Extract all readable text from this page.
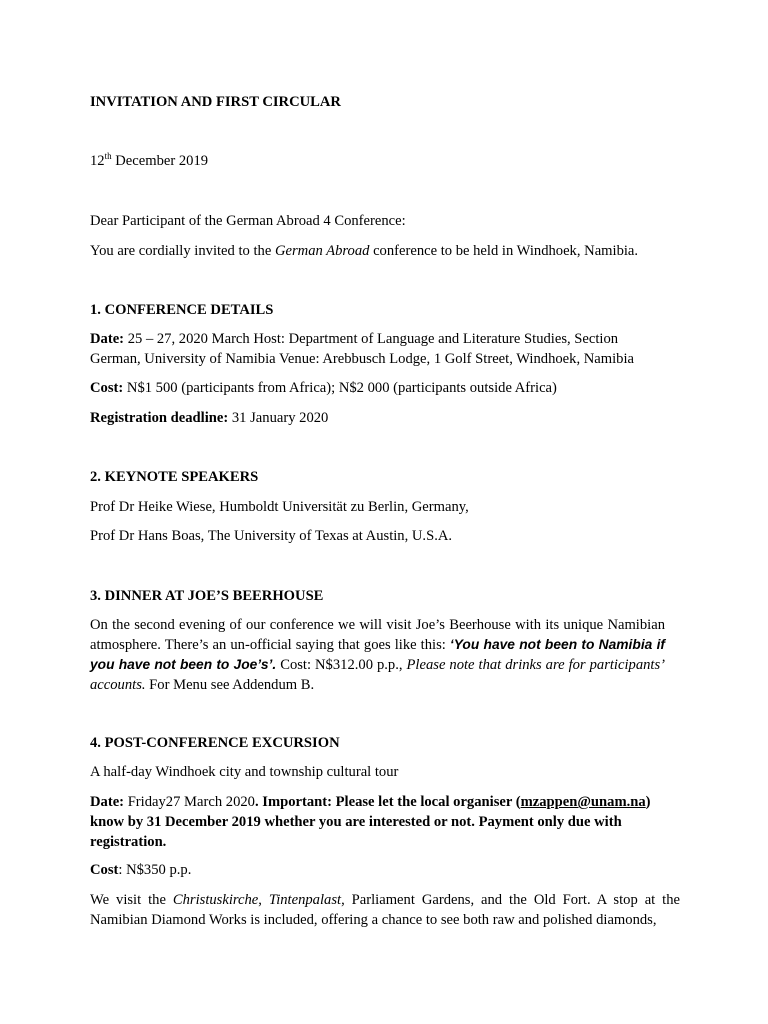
INVITATION AND FIRST CIRCULAR

12th December 2019

Dear Participant of the German Abroad 4 Conference:

You are cordially invited to the German Abroad conference to be held in Windhoek, Namibia.

1. CONFERENCE DETAILS

Date: 25 – 27, 2020 March Host: Department of Language and Literature Studies, Section German, University of Namibia Venue: Arebbusch Lodge, 1 Golf Street, Windhoek, Namibia

Cost: N$1 500 (participants from Africa); N$2 000 (participants outside Africa)

Registration deadline: 31 January 2020

2. KEYNOTE SPEAKERS

Prof Dr Heike Wiese, Humboldt Universität zu Berlin, Germany,

Prof Dr Hans Boas, The University of Texas at Austin, U.S.A.

3. DINNER AT JOE’S BEERHOUSE

On the second evening of our conference we will visit Joe’s Beerhouse with its unique Namibian atmosphere. There’s an un-official saying that goes like this: ‘You have not been to Namibia if you have not been to Joe’s’. Cost: N$312.00 p.p., Please note that drinks are for participants’ accounts. For Menu see Addendum B.

4. POST-CONFERENCE EXCURSION

A half-day Windhoek city and township cultural tour

Date: Friday27 March 2020. Important: Please let the local organiser (mzappen@unam.na) know by 31 December 2019 whether you are interested or not. Payment only due with registration.

Cost: N$350 p.p.

We visit the Christuskirche, Tintenpalast, Parliament Gardens, and the Old Fort. A stop at the Namibian Diamond Works is included, offering a chance to see both raw and polished diamonds,
